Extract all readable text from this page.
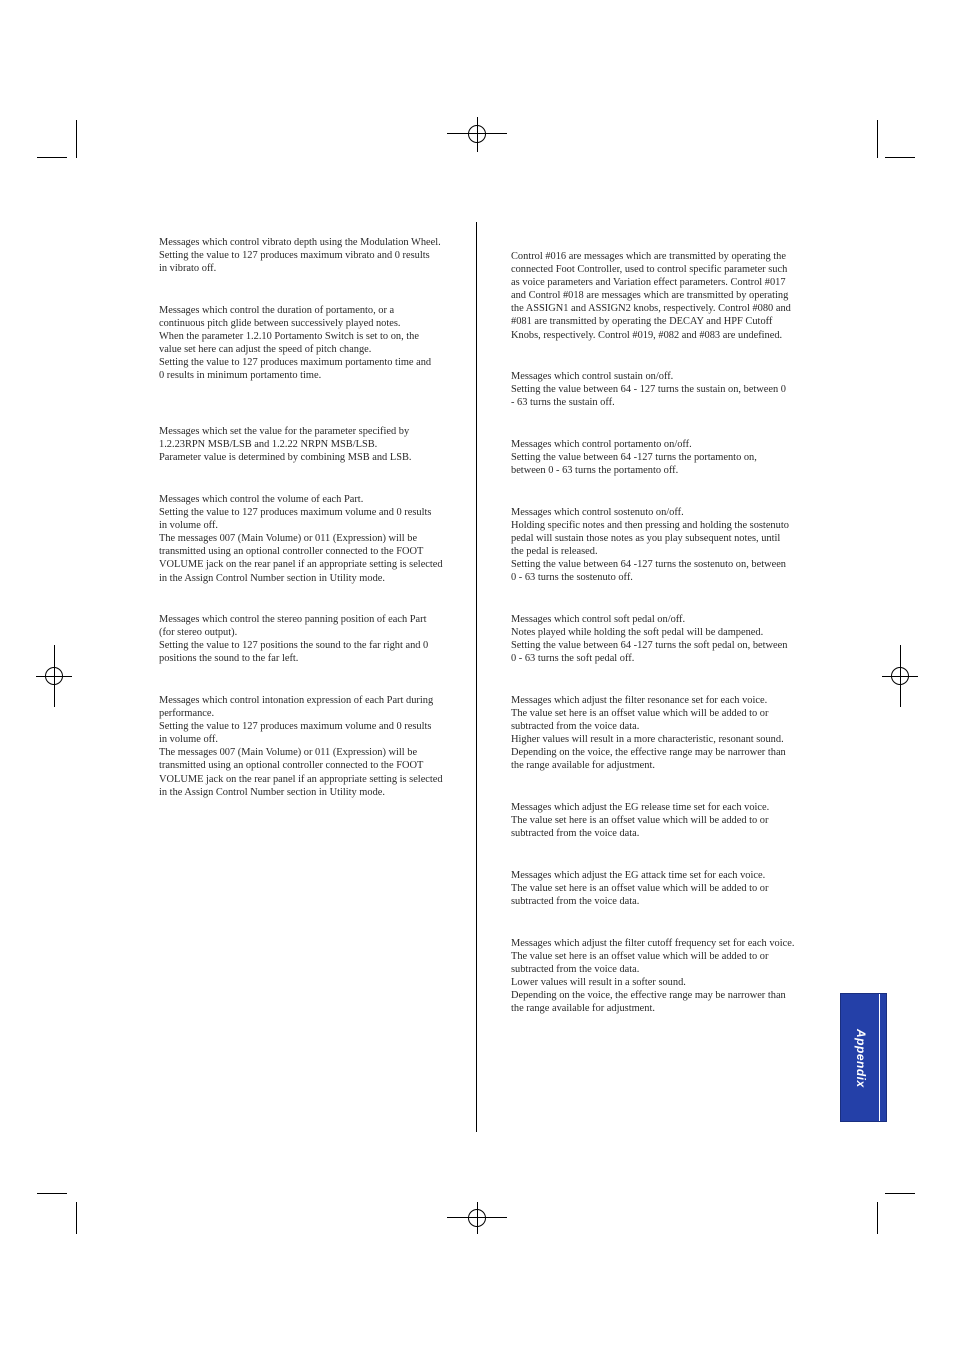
Messages which control vibrato depth using the Modulation Wheel.
Setting the value to 127 produces maximum vibrato and 0 results
in vibrato off.

Messages which control the duration of portamento, or a
continuous pitch glide between successively played notes.
When the parameter 1.2.10 Portamento Switch is set to on, the
value set here can adjust the speed of pitch change.
Setting the value to 127 produces maximum portamento time and
0 results in minimum portamento time.

Messages which set the value for the parameter specified by
1.2.23RPN MSB/LSB and 1.2.22 NRPN MSB/LSB.
Parameter value is determined by combining MSB and LSB.

Messages which control the volume of each Part.
Setting the value to 127 produces maximum volume and 0 results
in volume off.
The messages 007 (Main Volume) or 011 (Expression) will be
transmitted using an optional controller connected to the FOOT
VOLUME jack on the rear panel if an appropriate setting is selected
in the Assign Control Number section in Utility mode.

Messages which control the stereo panning position of each Part
(for stereo output).
Setting the value to 127 positions the sound to the far right and 0
positions the sound to the far left.

Messages which control intonation expression of each Part during
performance.
Setting the value to 127 produces maximum volume and 0 results
in volume off.
The messages 007 (Main Volume) or 011 (Expression) will be
transmitted using an optional controller connected to the FOOT
VOLUME jack on the rear panel if an appropriate setting is selected
in the Assign Control Number section in Utility mode.

Control #016 are messages which are transmitted by operating the
connected Foot Controller, used to control specific parameter such
as voice parameters and Variation effect parameters. Control #017
and Control #018 are messages which are transmitted by operating
the ASSIGN1 and ASSIGN2 knobs, respectively. Control #080 and
#081 are transmitted by operating the DECAY and HPF Cutoff
Knobs, respectively. Control #019, #082 and #083 are undefined.

Messages which control sustain on/off.
Setting the value between 64 - 127 turns the sustain on, between 0
- 63 turns the sustain off.

Messages which control portamento on/off.
Setting the value between 64 -127 turns the portamento on,
between 0 - 63 turns the portamento off.

Messages which control sostenuto on/off.
Holding specific notes and then pressing and holding the sostenuto
pedal will sustain those notes as you play subsequent notes, until
the pedal is released.
Setting the value between 64 -127 turns the sostenuto on, between
0 - 63 turns the sostenuto off.

Messages which control soft pedal on/off.
Notes played while holding the soft pedal will be dampened.
Setting the value between 64 -127 turns the soft pedal on, between
0 - 63 turns the soft pedal off.

Messages which adjust the filter resonance set for each voice.
The value set here is an offset value which will be added to or
subtracted from the voice data.
Higher values will result in a more characteristic, resonant sound.
Depending on the voice, the effective range may be narrower than
the range available for adjustment.

Messages which adjust the EG release time set for each voice.
The value set here is an offset value which will be added to or
subtracted from the voice data.

Messages which adjust the EG attack time set for each voice.
The value set here is an offset value which will be added to or
subtracted from the voice data.

Messages which adjust the filter cutoff frequency set for each voice.
The value set here is an offset value which will be added to or
subtracted from the voice data.
Lower values will result in a softer sound.
Depending on the voice, the effective range may be narrower than
the range available for adjustment.

Appendix
